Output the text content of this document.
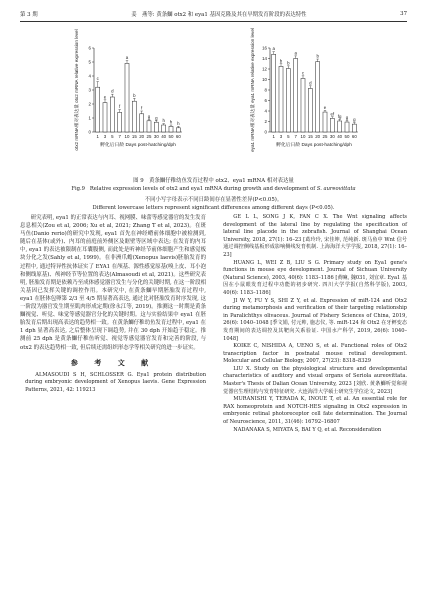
第 3 期	姜　燕等: 黄条鰤 otx2 和 eya1 基因克隆及其在早期发育阶段的表达特性	37
0
1
2
3
4
5
6
c
1
e
3
d
5
f
7
a
10
b
15
f
20
g
25
g
30
h
40
h
50
h
60
孵化后日龄 Days post-hatching/dph
otx2 mRNA相对表达量 otx2 mRNA relative expression level	0
2
4
6
8
10
12
14
16 a
1
b
3
b
5
a
7
c
10
d
15
b
20
e
25
ef
30
fg
40
g
50
g
60
孵化后日龄 Days post-hatching/dph
eya1 mRNA相对表达量 eya1 mRNA relative expression level
图 9　黄条鰤仔稚幼鱼发育过程中 otx2、eya1 mRNA 相对表达量
Fig.9 Relative expression levels of otx2 and eya1 mRNA during growth and development of S. aureovittata
不同小写字母表示不同日龄间存在显著性差异(P<0.05)。
Different lowercase letters represent significant differences among different days (P<0.05).

研究表明, eya1 的正常表达与内耳、视网膜、味蕾等感觉器官的发生发育息息相关(Zou et al, 2006; Xu et al, 2021; Zhang T et al, 2023)。在斑马鱼(Danio rerio)的研究中发现, eya1 首先在神经嵴前体细胞中被检测到, 随后在基体(或外)、内耳的前庭前外侧区及眶壁等区域中表达; 在发育的内耳中, eya1 的表达被限制在耳囊腹侧, 而此处是听神经节前体细胞产生和感觉板块分化之发(Sahly et al, 1999)。在非洲爪蟾(Xenopus laevis)胚胎发育的过程中, 通过特异性抗体证实了 EYA1 在颅基、源性感觉原基(嗅上皮、耳小泡和侧线原基)、颅神经节等位置的表达(Almasoudi et al, 2021)。这些研究表明, 胚胎发育期是依赖乃至成体感觉器官发生与分化的关键时期, 在这一阶段相关基因已发挥关键的调控作用。本研究中, 在黄条鰤早期胚胎发育过程中, eya1 在胚体包卵第 2/3 至 4/5 期显著高表达, 通过比对胚胎发育时序发现, 这一阶段为器官发生期至肌肉形成定期(徐永江等, 2019)。推测这一时期是黄条鰤视觉、听觉、味觉等感觉器官分化的关键时期。这与实验结果中 eya1 在胚胎发育后期出现高表达的趋势相一致。在黄条鰤仔稚幼鱼发育过程中, eya1 在 1 dph 显著高表达, 之后整体呈现下调趋势, 并在 30 dph 开始趋于稳定。推测前 25 dph 是黄条鰤仔稚鱼听觉、视觉等感觉器官发育和完善的阶段, 与 otx2 的表达趋势相一致, 但后续还需组织形态学等相关研究的进一步证实。

参 考 文 献

ALMASOUDI S H, SCHLOSSER G. Eya1 protein distribution during embryonic development of Xenopus laevis. Gene Expression Patterns, 2021, 42: 119213

GE L L, SONG J K, FAN C X. The Wnt signaling affects development of the lateral line by regulating the specification of lateral line placode in the zebrafish. Journal of Shanghai Ocean University, 2018, 27(1): 16–23 [葛玲玲, 宋佳坤, 范纯新. 斑马鱼中 Wnt 信号通过调控侧线基板形成影响侧线发育机制. 上海海洋大学学报, 2018, 27(1): 16–23]

HUANG L, WEI Z B, LIU S G. Primary study on Eya1 gene's functions in mouse eye development. Journal of Sichuan University (Natural Science), 2003, 40(6): 1183–1186 [黄嘛, 魏031, 刘宜章. Eya1 基因在小鼠眼发育过程中功能的初步研究. 四川大学学报(自然科学版), 2003, 40(6): 1183–1186]

JI W Y, FU Y S, SHI Z Y, et al. Expression of miR-124 and Otx2 during metamorphosis and verification of their targeting relationship in Paralichthys olivaceus. Journal of Fishery Sciences of China, 2019, 26(6): 1040–1048 [季文娟, 付元帅, 施志仪, 等. miR-124 和 Otx2 在牙鲆变态发育期间的表达调控及其靶向关系验证. 中国水产科学, 2019, 26(6): 1040–1048]

KOIKE C, NISHIDA A, UENO S, et al. Functional roles of Otx2 transcription factor in postnatal mouse retinal development. Molecular and Cellular Biology, 2007, 27(23): 8318–8329

LIU X. Study on the physiological structure and developmental characteristics of auditory and visual organs of Seriola aureovittata. Master's Thesis of Dalian Ocean University, 2023 [刘欣. 黄条鰤听觉和视觉器官生理结构与发育特征研究. 大连海洋大学硕士研究生学位论文, 2023]

MURANISHI Y, TERADA K, INOUE T, et al. An essential role for RAX homeoprotein and NOTCH-HES signaling in Otx2 expression in embryonic retinal photoreceptor cell fate determination. The Journal of Neuroscience, 2011, 31(46): 16792–16807

NADANAKA S, MIYATA S, BAI Y Q, et al. Reconsideration
